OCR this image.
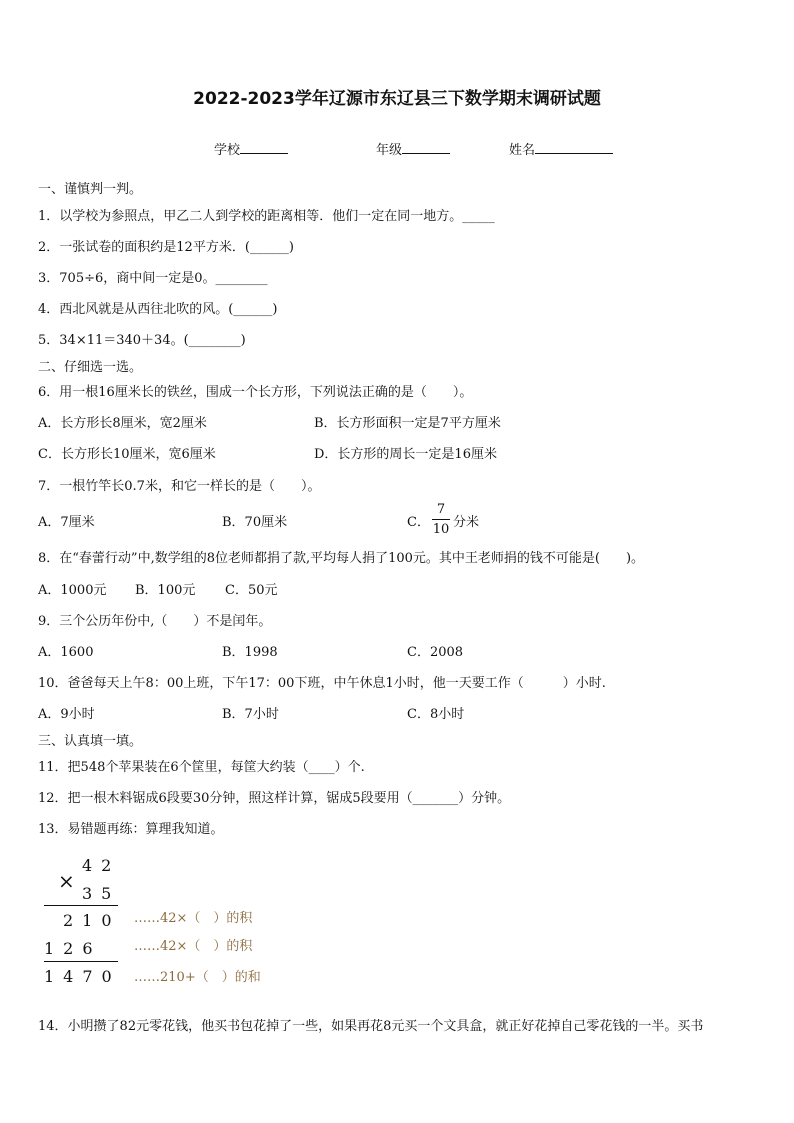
2022-2023学年辽源市东辽县三下数学期末调研试题
学校	年级	姓名
一、谨慎判一判。
1．以学校为参照点，甲乙二人到学校的距离相等．他们一定在同一地方。_____
2．一张试卷的面积约是12平方米．(______)
3．705÷6，商中间一定是0。________
4．西北风就是从西往北吹的风。(______)
5．34×11＝340＋34。(________)
二、仔细选一选。
6．用一根16厘米长的铁丝，围成一个长方形，下列说法正确的是（　　）。
A．长方形长8厘米，宽2厘米	B．长方形面积一定是7平方厘米
C．长方形长10厘米，宽6厘米	D．长方形的周长一定是16厘米
7．一根竹竿长0.7米，和它一样长的是（　　）。
A．7厘米	B．70厘米	C．
7
10 分米
8．在“春蕾行动”中,数学组的8位老师都捐了款,平均每人捐了100元。其中王老师捐的钱不可能是(　　)。
A．1000元 B．100元 C．50元
9．三个公历年份中,（　　）不是闰年。
A．1600	B．1998	C．2008
10．爸爸每天上午8：00上班，下午17：00下班，中午休息1小时，他一天要工作（　　　）小时.
A．9小时	B．7小时	C．8小时
三、认真填一填。
11．把548个苹果装在6个筐里，每筐大约装（____）个.
12．把一根木料锯成6段要30分钟，照这样计算，锯成5段要用（_______）分钟。
13．易错题再练：算理我知道。
42
×
35
210
126
1470
……42×（　）的积
……42×（　）的积
……210+（　）的和
14．小明攒了82元零花钱，他买书包花掉了一些，如果再花8元买一个文具盒，就正好花掉自己零花钱的一半。买书
